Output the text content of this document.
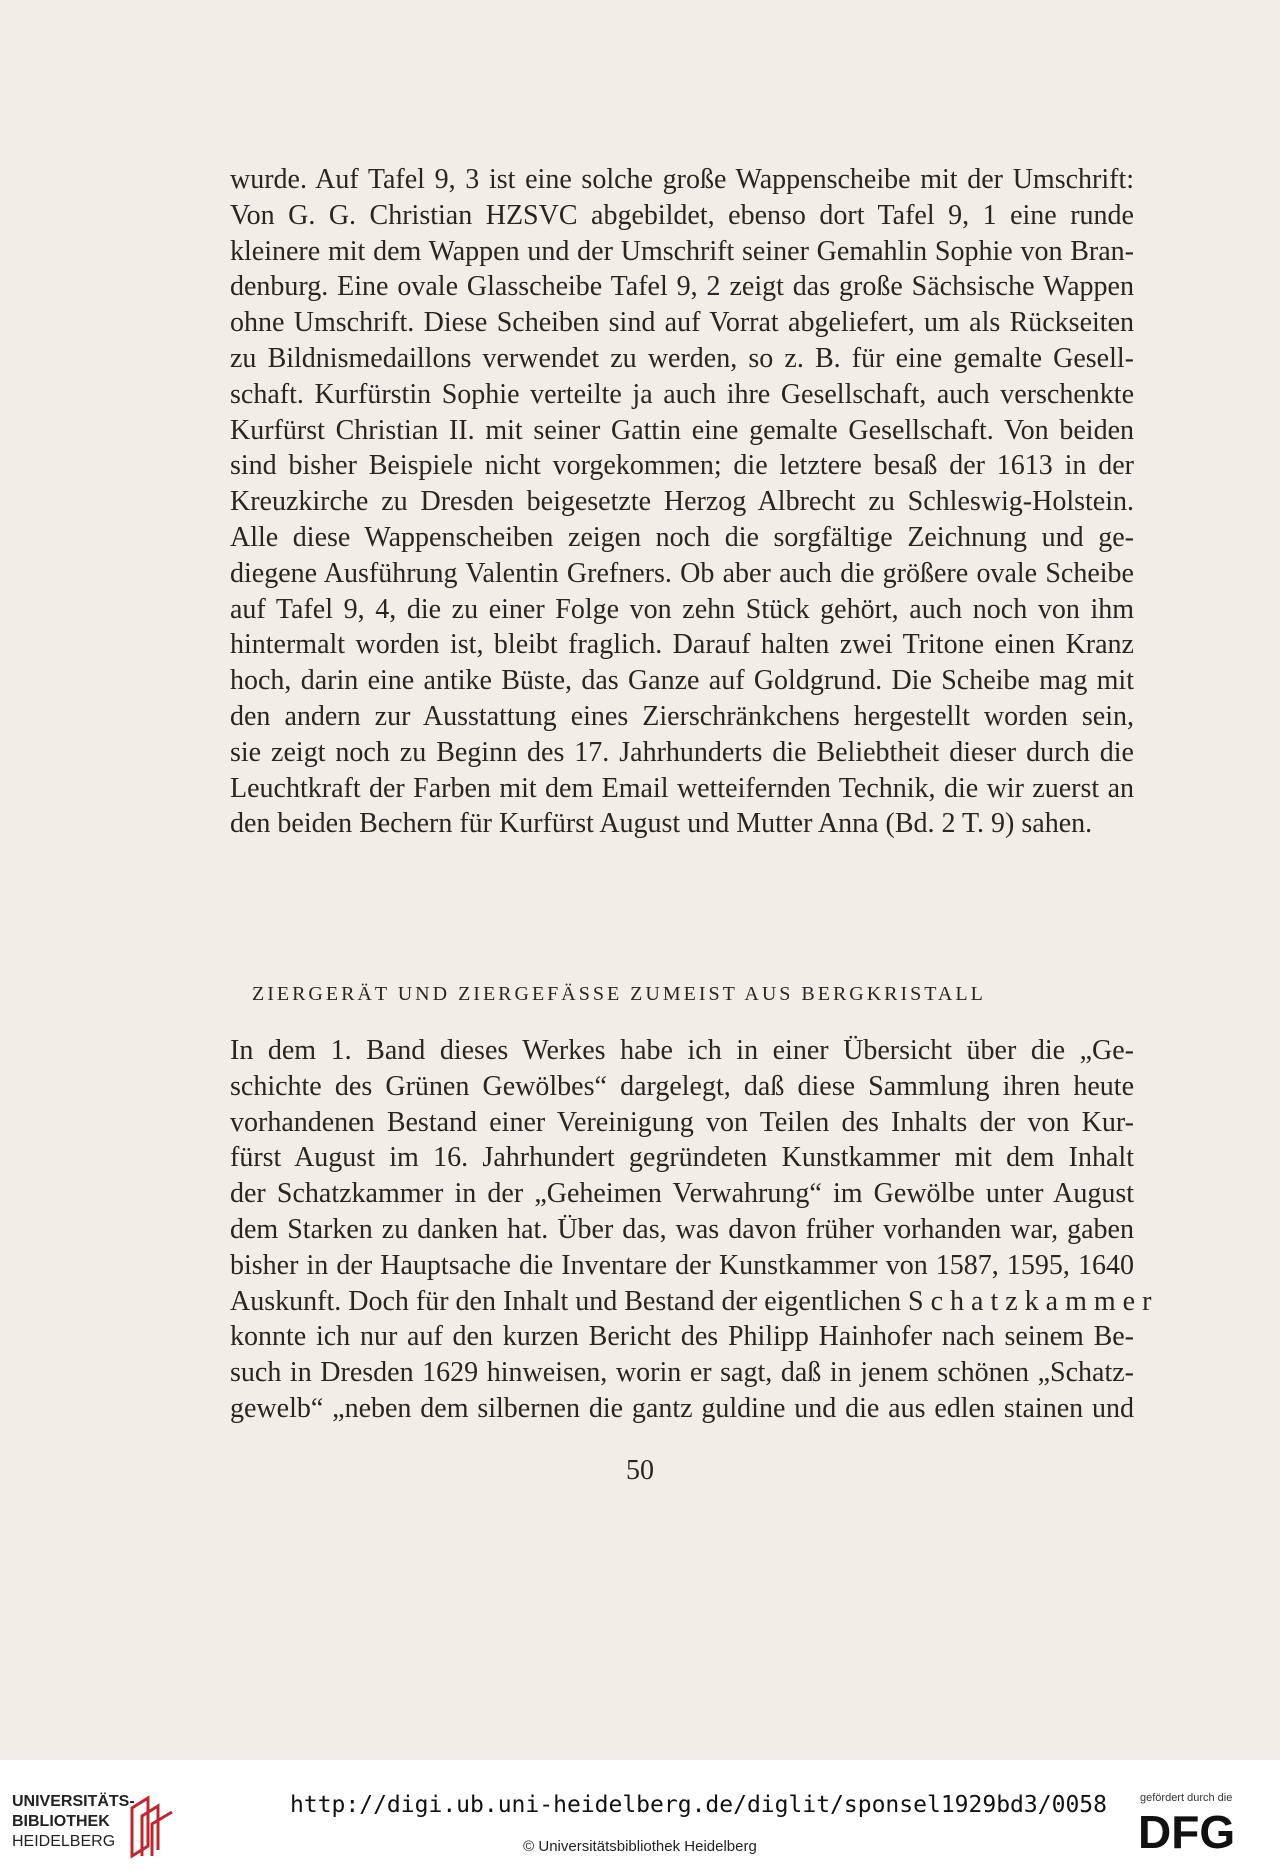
wurde. Auf Tafel 9, 3 ist eine solche große Wappenscheibe mit der Umschrift:
Von G. G. Christian HZSVC abgebildet, ebenso dort Tafel 9, 1 eine runde
kleinere mit dem Wappen und der Umschrift seiner Gemahlin Sophie von Bran-
denburg. Eine ovale Glasscheibe Tafel 9, 2 zeigt das große Sächsische Wappen
ohne Umschrift. Diese Scheiben sind auf Vorrat abgeliefert, um als Rückseiten
zu Bildnismedaillons verwendet zu werden, so z. B. für eine gemalte Gesell-
schaft. Kurfürstin Sophie verteilte ja auch ihre Gesellschaft, auch verschenkte
Kurfürst Christian II. mit seiner Gattin eine gemalte Gesellschaft. Von beiden
sind bisher Beispiele nicht vorgekommen; die letztere besaß der 1613 in der
Kreuzkirche zu Dresden beigesetzte Herzog Albrecht zu Schleswig-Holstein.
Alle diese Wappenscheiben zeigen noch die sorgfältige Zeichnung und ge-
diegene Ausführung Valentin Grefners. Ob aber auch die größere ovale Scheibe
auf Tafel 9, 4, die zu einer Folge von zehn Stück gehört, auch noch von ihm
hintermalt worden ist, bleibt fraglich. Darauf halten zwei Tritone einen Kranz
hoch, darin eine antike Büste, das Ganze auf Goldgrund. Die Scheibe mag mit
den andern zur Ausstattung eines Zierschränkchens hergestellt worden sein,
sie zeigt noch zu Beginn des 17. Jahrhunderts die Beliebtheit dieser durch die
Leuchtkraft der Farben mit dem Email wetteifernden Technik, die wir zuerst an
den beiden Bechern für Kurfürst August und Mutter Anna (Bd. 2 T. 9) sahen.
ZIERGERÄT UND ZIERGEFÄSSE ZUMEIST AUS BERGKRISTALL
In dem 1. Band dieses Werkes habe ich in einer Übersicht über die „Ge-
schichte des Grünen Gewölbes“ dargelegt, daß diese Sammlung ihren heute
vorhandenen Bestand einer Vereinigung von Teilen des Inhalts der von Kur-
fürst August im 16. Jahrhundert gegründeten Kunstkammer mit dem Inhalt
der Schatzkammer in der „Geheimen Verwahrung“ im Gewölbe unter August
dem Starken zu danken hat. Über das, was davon früher vorhanden war, gaben
bisher in der Hauptsache die Inventare der Kunstkammer von 1587, 1595, 1640
Auskunft. Doch für den Inhalt und Bestand der eigentlichen S c h a t z k a m m e r
konnte ich nur auf den kurzen Bericht des Philipp Hainhofer nach seinem Be-
such in Dresden 1629 hinweisen, worin er sagt, daß in jenem schönen „Schatz-
gewelb“ „neben dem silbernen die gantz guldine und die aus edlen stainen und
50
UNIVERSITÄTS-
BIBLIOTHEK
HEIDELBERG
http://digi.ub.uni-heidelberg.de/diglit/sponsel1929bd3/0058
© Universitätsbibliothek Heidelberg
gefördert durch die
DFG
